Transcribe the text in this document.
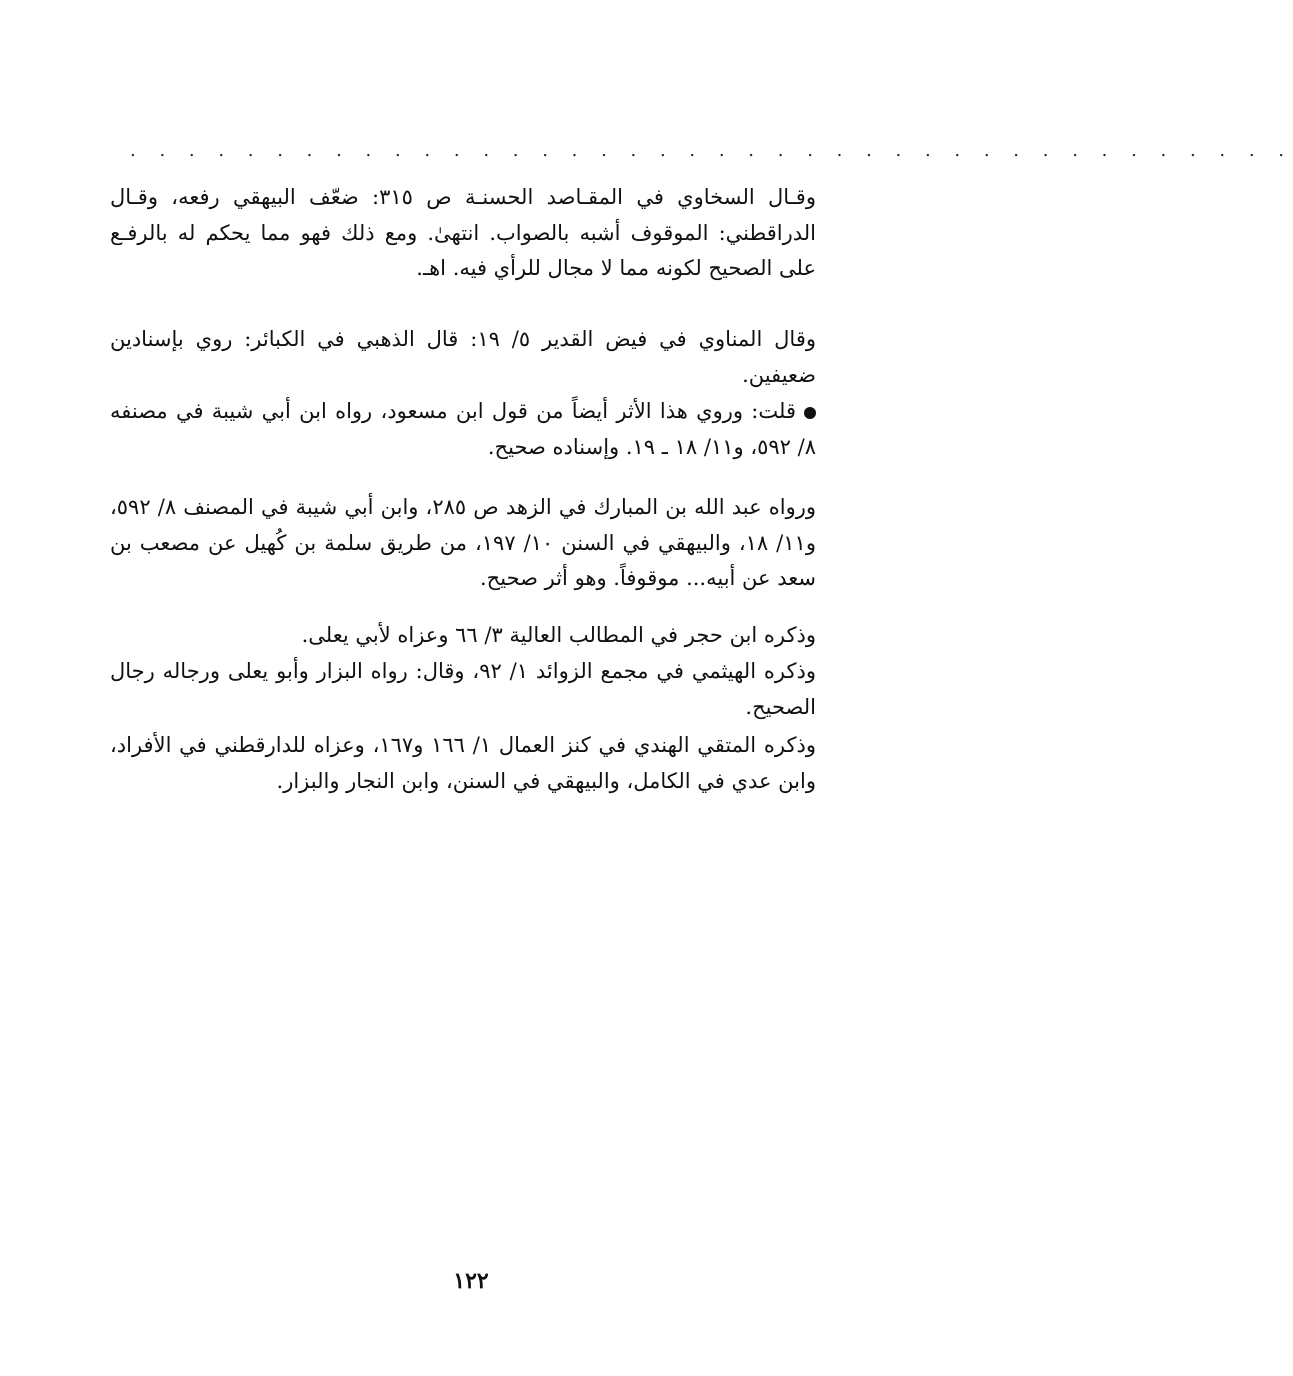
. . . . . . . . . . . . . . . . . . . . . . . . . . . . . . . . . . . . . . . .

وقـال السخاوي في المقـاصد الحسنـة ص ٣١٥: ضعّف البيهقي رفعه، وقـال الدراقطني: الموقوف أشبه بالصواب. انتهىٰ. ومع ذلك فهو مما يحكم له بالرفـع على الصحيح لكونه مما لا مجال للرأي فيه. اهـ.

وقال المناوي في فيض القدير ٥/ ١٩: قال الذهبي في الكبائر: روي بإسنادين ضعيفين.

قلت: وروي هذا الأثر أيضاً من قول ابن مسعود، رواه ابن أبي شيبة في مصنفه ٨/ ٥٩٢، و١١/ ١٨ ـ ١٩. وإسناده صحيح.

ورواه عبد الله بن المبارك في الزهد ص ٢٨٥، وابن أبي شيبة في المصنف ٨/ ٥٩٢، و١١/ ١٨، والبيهقي في السنن ١٠/ ١٩٧، من طريق سلمة بن كُهيل عن مصعب بن سعد عن أبيه... موقوفاً. وهو أثر صحيح.

وذكره ابن حجر في المطالب العالية ٣/ ٦٦ وعزاه لأبي يعلى.

وذكره الهيثمي في مجمع الزوائد ١/ ٩٢، وقال: رواه البزار وأبو يعلى ورجاله رجال الصحيح.

وذكره المتقي الهندي في كنز العمال ١/ ١٦٦ و١٦٧، وعزاه للدارقطني في الأفراد، وابن عدي في الكامل، والبيهقي في السنن، وابن النجار والبزار.

١٢٢
